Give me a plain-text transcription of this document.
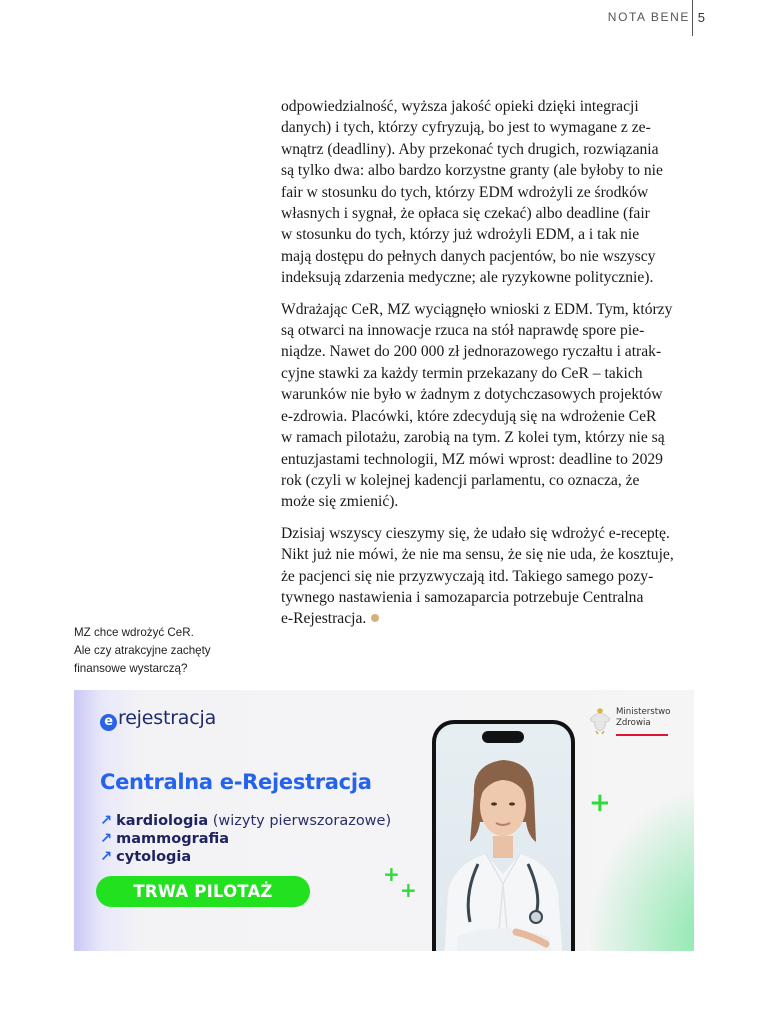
NOTA BENE 5

odpowiedzialność, wyższa jakość opieki dzięki integracji
danych) i tych, którzy cyfryzują, bo jest to wymagane z ze-
wnątrz (deadliny). Aby przekonać tych drugich, rozwiązania
są tylko dwa: albo bardzo korzystne granty (ale byłoby to nie
fair w stosunku do tych, którzy EDM wdrożyli ze środków
własnych i sygnał, że opłaca się czekać) albo deadline (fair
w stosunku do tych, którzy już wdrożyli EDM, a i tak nie
mają dostępu do pełnych danych pacjentów, bo nie wszyscy
indeksują zdarzenia medyczne; ale ryzykowne politycznie).

Wdrażając CeR, MZ wyciągnęło wnioski z EDM. Tym, którzy
są otwarci na innowacje rzuca na stół naprawdę spore pie-
niądze. Nawet do 200 000 zł jednorazowego ryczałtu i atrak-
cyjne stawki za każdy termin przekazany do CeR – takich
warunków nie było w żadnym z dotychczasowych projektów
e-zdrowia. Placówki, które zdecydują się na wdrożenie CeR
w ramach pilotażu, zarobią na tym. Z kolei tym, którzy nie są
entuzjastami technologii, MZ mówi wprost: deadline to 2029
rok (czyli w kolejnej kadencji parlamentu, co oznacza, że
może się zmienić).

Dzisiaj wszyscy cieszymy się, że udało się wdrożyć e-receptę.
Nikt już nie mówi, że nie ma sensu, że się nie uda, że kosztuje,
że pacjenci się nie przyzwyczają itd. Takiego samego pozy-
tywnego nastawienia i samozaparcia potrzebuje Centralna
e-Rejestracja.

MZ chce wdrożyć CeR.
Ale czy atrakcyjne zachęty
finansowe wystarczą?
e rejestracja
Centralna e-Rejestracja
↗ kardiologia (wizyty pierwszorazowe)
↗ mammografia
↗ cytologia
TRWA PILOTAŻ
+
+
+
Ministerstwo
Zdrowia
